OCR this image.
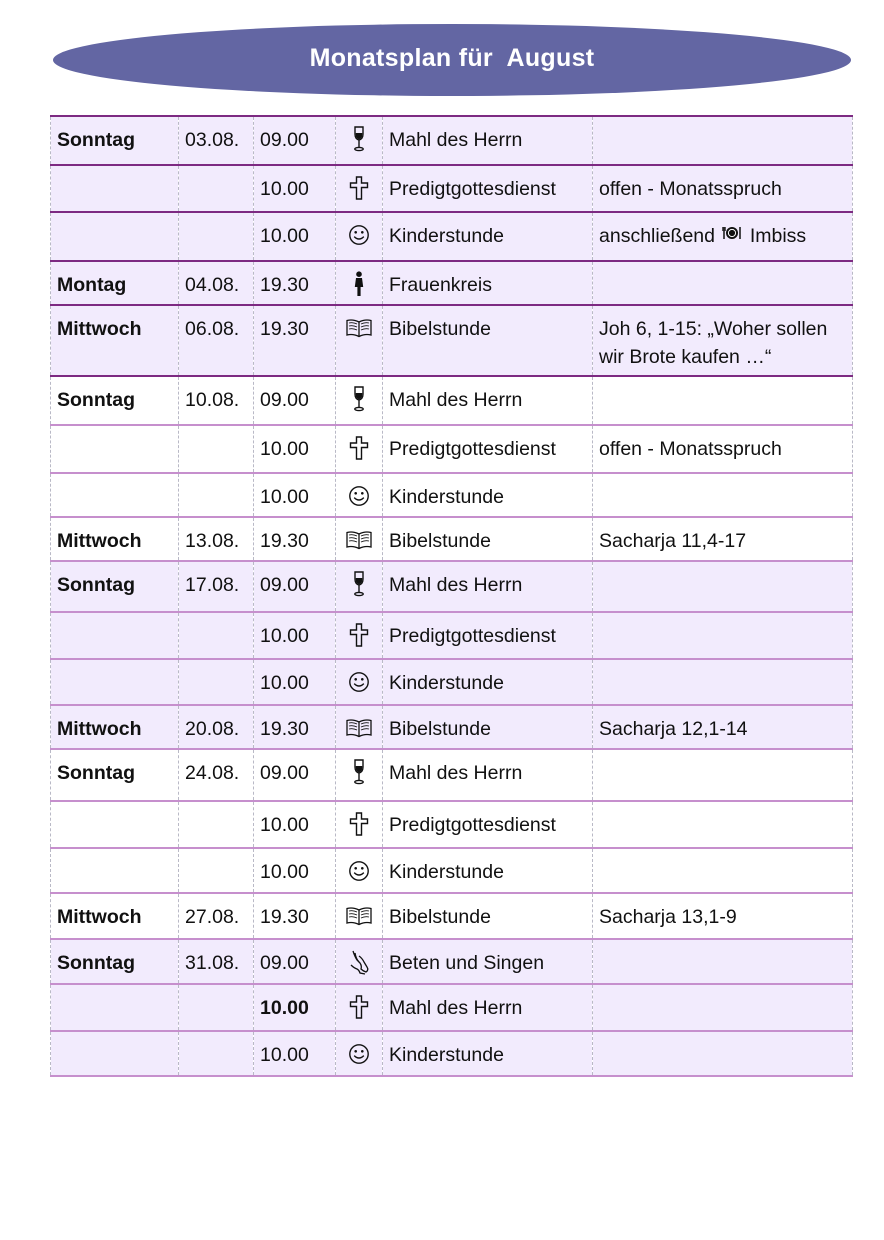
Monatsplan für  August
Sonntag	03.08.	09.00		Mahl des Herrn	
		10.00		Predigtgottesdienst	offen - Monatsspruch
		10.00		Kinderstunde	anschließend Imbiss
Montag	04.08.	19.30		Frauenkreis	
Mittwoch	06.08.	19.30		Bibelstunde	Joh 6, 1-15: „Woher sollen wir Brote kaufen …“
Sonntag	10.08.	09.00		Mahl des Herrn	
		10.00		Predigtgottesdienst	offen - Monatsspruch
		10.00		Kinderstunde	
Mittwoch	13.08.	19.30		Bibelstunde	Sacharja 11,4-17
Sonntag	17.08.	09.00		Mahl des Herrn	
		10.00		Predigtgottesdienst	
		10.00		Kinderstunde	
Mittwoch	20.08.	19.30		Bibelstunde	Sacharja 12,1-14
Sonntag	24.08.	09.00		Mahl des Herrn	
		10.00		Predigtgottesdienst	
		10.00		Kinderstunde	
Mittwoch	27.08.	19.30		Bibelstunde	Sacharja 13,1-9
Sonntag	31.08.	09.00		Beten und Singen	
		10.00		Mahl des Herrn	
		10.00		Kinderstunde	
